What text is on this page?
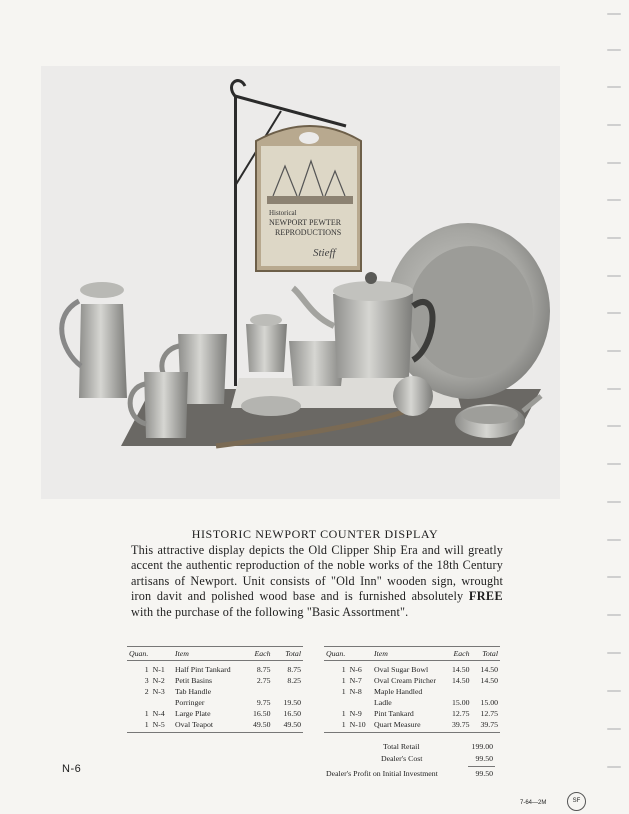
Historical
NEWPORT PEWTER
REPRODUCTIONS
Stieff
HISTORIC NEWPORT COUNTER DISPLAY

This attractive display depicts the Old Clipper Ship Era and will greatly accent the authentic reproduction of the noble works of the 18th Century artisans of Newport. Unit consists of "Old Inn" wooden sign, wrought iron davit and polished wood base and is furnished absolutely FREE with the purchase of the following "Basic Assortment".

Quan.		Item	Each	Total
1	N-1	Half Pint Tankard	8.75	8.75
3	N-2	Petit Basins	2.75	8.25
2	N-3	Tab Handle		
		Porringer	9.75	19.50
1	N-4	Large Plate	16.50	16.50
1	N-5	Oval Teapot	49.50	49.50
Quan.		Item	Each	Total
1	N-6	Oval Sugar Bowl	14.50	14.50
1	N-7	Oval Cream Pitcher	14.50	14.50
1	N-8	Maple Handled		
		Ladle	15.00	15.00
1	N-9	Pint Tankard	12.75	12.75
1	N-10	Quart Measure	39.75	39.75
Total Retail	199.00
Dealer's Cost	99.50
Dealer's Profit on Initial Investment	99.50
N-6
7-64—2M	SF
